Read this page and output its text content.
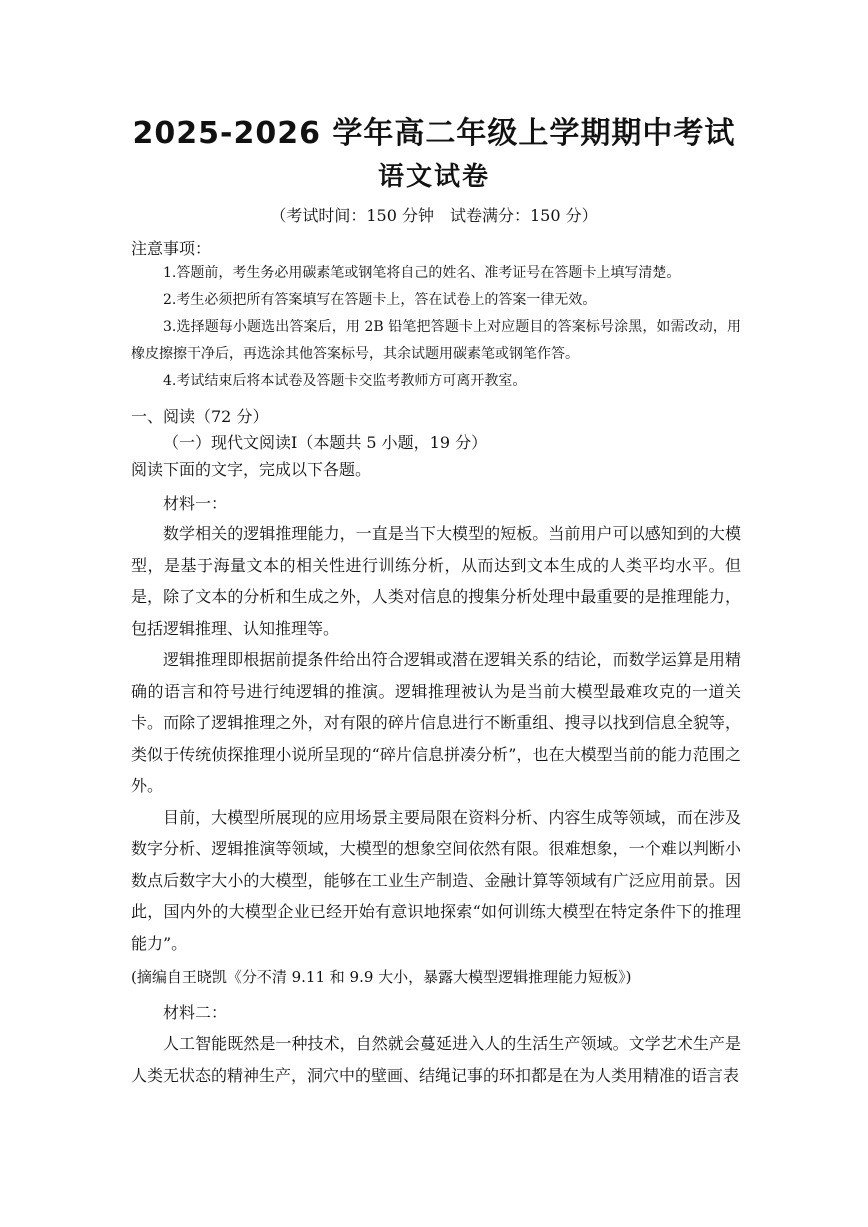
2025-2026 学年高二年级上学期期中考试
语文试卷
（考试时间：150 分钟　试卷满分：150 分）
注意事项：

1.答题前，考生务必用碳素笔或钢笔将自己的姓名、准考证号在答题卡上填写清楚。

2.考生必须把所有答案填写在答题卡上，答在试卷上的答案一律无效。

3.选择题每小题选出答案后，用 2B 铅笔把答题卡上对应题目的答案标号涂黑，如需改动，用橡皮擦擦干净后，再选涂其他答案标号，其余试题用碳素笔或钢笔作答。

4.考试结束后将本试卷及答题卡交监考教师方可离开教室。

一、阅读（72 分）
（一）现代文阅读Ⅰ（本题共 5 小题，19 分）
阅读下面的文字，完成以下各题。
材料一：

数学相关的逻辑推理能力，一直是当下大模型的短板。当前用户可以感知到的大模型，是基于海量文本的相关性进行训练分析，从而达到文本生成的人类平均水平。但是，除了文本的分析和生成之外，人类对信息的搜集分析处理中最重要的是推理能力，包括逻辑推理、认知推理等。

逻辑推理即根据前提条件给出符合逻辑或潜在逻辑关系的结论，而数学运算是用精确的语言和符号进行纯逻辑的推演。逻辑推理被认为是当前大模型最难攻克的一道关卡。而除了逻辑推理之外，对有限的碎片信息进行不断重组、搜寻以找到信息全貌等，类似于传统侦探推理小说所呈现的“碎片信息拼凑分析”，也在大模型当前的能力范围之外。

目前，大模型所展现的应用场景主要局限在资料分析、内容生成等领域，而在涉及数字分析、逻辑推演等领域，大模型的想象空间依然有限。很难想象，一个难以判断小数点后数字大小的大模型，能够在工业生产制造、金融计算等领域有广泛应用前景。因此，国内外的大模型企业已经开始有意识地探索“如何训练大模型在特定条件下的推理能力”。

(摘编自王晓凯《分不清 9.11 和 9.9 大小，暴露大模型逻辑推理能力短板》)
材料二：

人工智能既然是一种技术，自然就会蔓延进入人的生活生产领域。文学艺术生产是人类无状态的精神生产，洞穴中的壁画、结绳记事的环扣都是在为人类用精准的语言表
